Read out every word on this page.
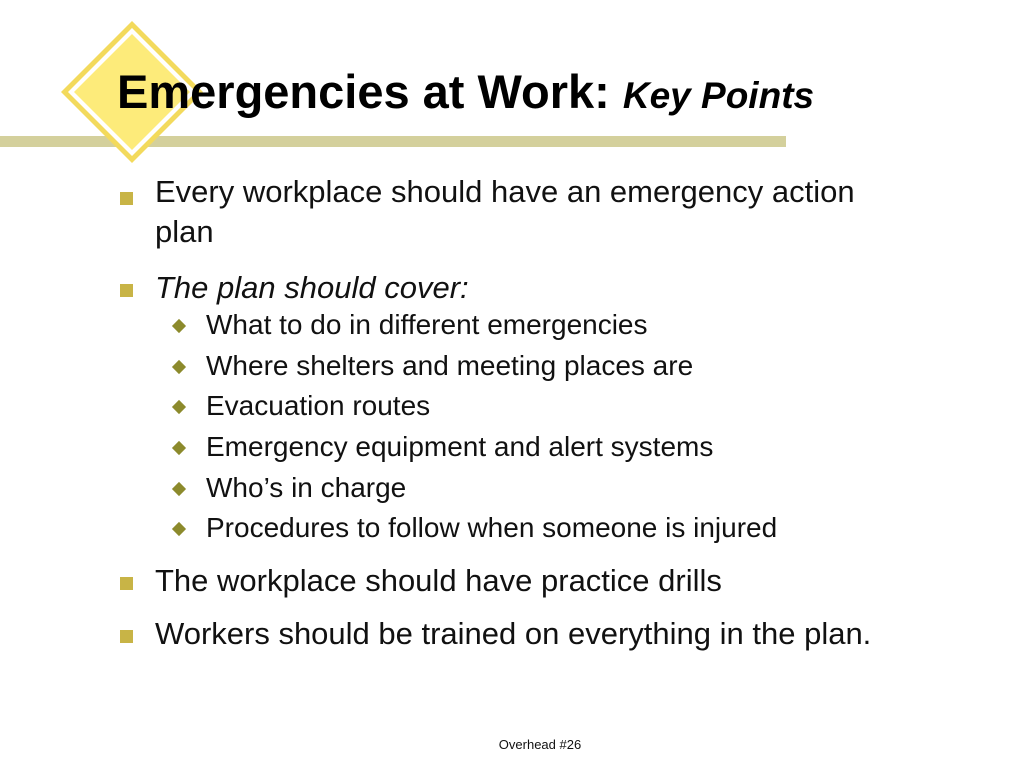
Emergencies at Work: Key Points

Every workplace should have an emergency action plan

The plan should cover:

What to do in different emergencies

Where shelters and meeting places are

Evacuation routes

Emergency equipment and alert systems

Who’s in charge

Procedures to follow when someone is injured

The workplace should have practice drills

Workers should be trained on everything in the plan.

Overhead #26
